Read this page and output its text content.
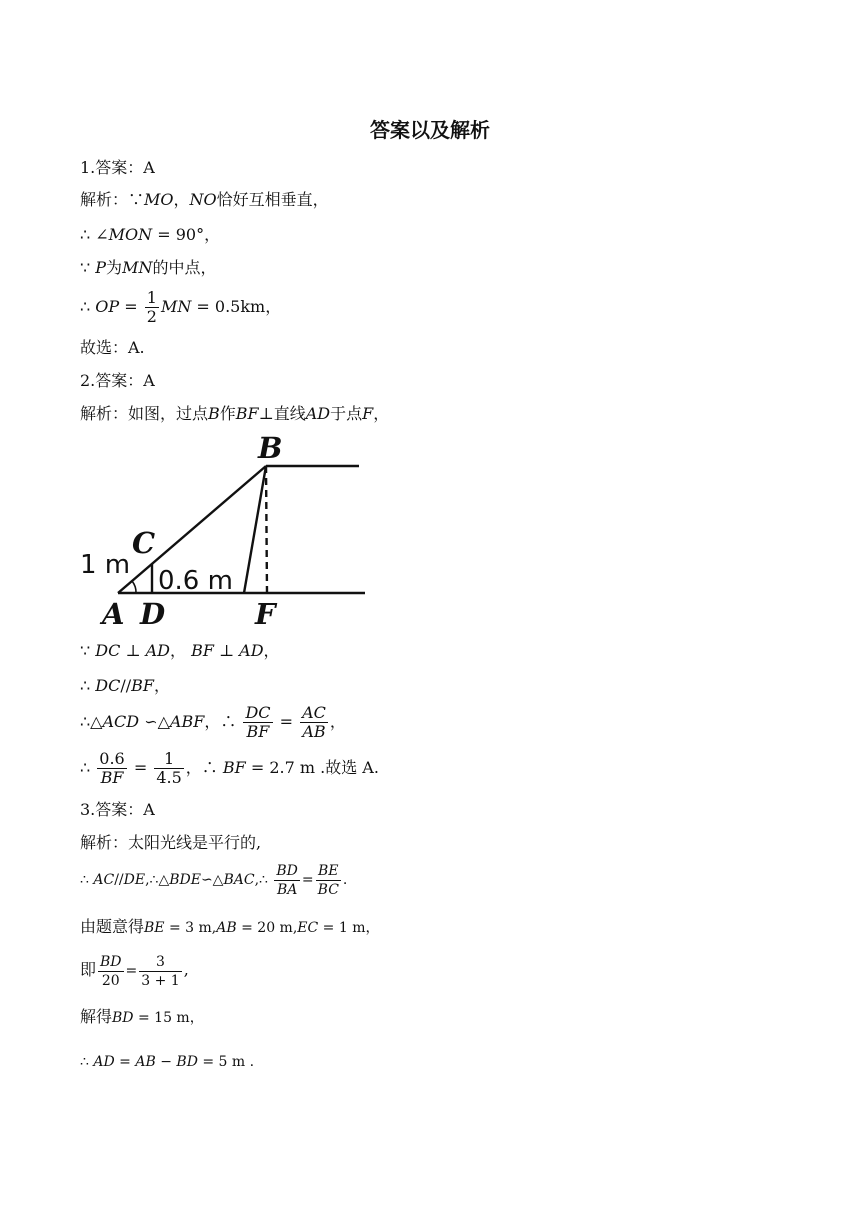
答案以及解析
1.答案：A
解析：∵MO，NO恰好互相垂直，
∴ ∠MON = 90°，
∵ P为MN的中点，
∴ OP = $\frac{1}{2}$ MN = 0.5km，
故选：A.
2.答案：A
解析：如图，过点B作BF⊥直线AD于点F，
B
C
A D	F
1 m
0.6 m
∵ DC ⊥ AD， BF ⊥ AD，
∴ DC//BF，
∴△ACD ∽△ABF，∴ $\frac{DC}{BF} = \frac{AC}{AB}$ ，
∴ $\frac{0.6}{BF} = \frac{1}{4.5}$ ，∴ BF = 2.7 m .故选 A.
3.答案：A
解析：太阳光线是平行的,
∴ AC//DE,∴△BDE∽△BAC,∴ $\frac{BD}{BA} = \frac{BE}{BC}$ .
由题意得BE = 3 m,AB = 20 m,EC = 1 m，
即 $\frac{BD}{20} = \frac{3}{3 + 1}$ ,
解得BD = 15 m，
∴ AD = AB − BD = 5 m .
